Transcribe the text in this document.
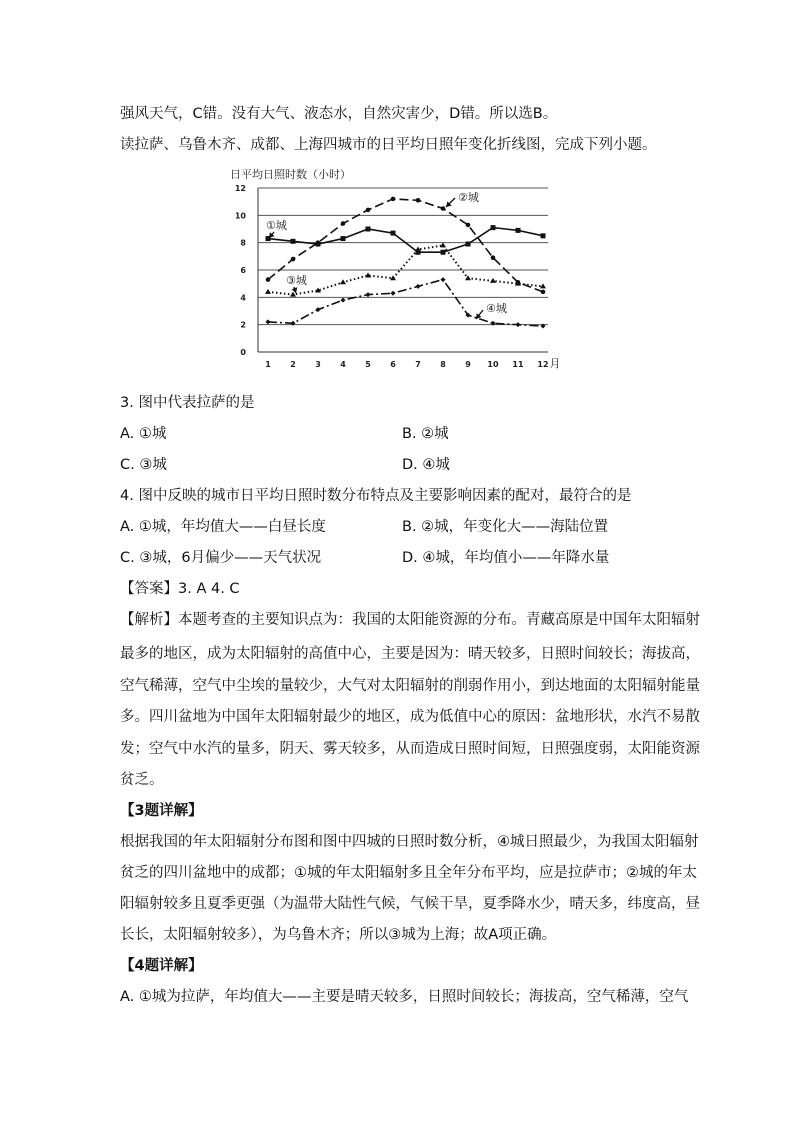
强风天气，C错。没有大气、液态水，自然灾害少，D错。所以选B。
读拉萨、乌鲁木齐、成都、上海四城市的日平均日照年变化折线图，完成下列小题。
日平均日照时数（小时）
0
2
4
6
8
10
12
1 2 3 4 5 6 7 8 9 10 11 12 月
①城
②城
③城
④城
3. 图中代表拉萨的是
A. ①城	B. ②城
C. ③城	D. ④城
4. 图中反映的城市日平均日照时数分布特点及主要影响因素的配对，最符合的是
A. ①城，年均值大——白昼长度	B. ②城，年变化大——海陆位置
C. ③城，6月偏少——天气状况	D. ④城，年均值小——年降水量
【答案】3. A 4. C
【解析】本题考查的主要知识点为：我国的太阳能资源的分布。青藏高原是中国年太阳辐射
最多的地区，成为太阳辐射的高值中心，主要是因为：晴天较多，日照时间较长；海拔高，
空气稀薄，空气中尘埃的量较少，大气对太阳辐射的削弱作用小，到达地面的太阳辐射能量
多。四川盆地为中国年太阳辐射最少的地区，成为低值中心的原因：盆地形状，水汽不易散
发；空气中水汽的量多，阴天、雾天较多，从而造成日照时间短，日照强度弱，太阳能资源
贫乏。
【3题详解】
根据我国的年太阳辐射分布图和图中四城的日照时数分析，④城日照最少，为我国太阳辐射
贫乏的四川盆地中的成都；①城的年太阳辐射多且全年分布平均，应是拉萨市；②城的年太
阳辐射较多且夏季更强（为温带大陆性气候，气候干旱，夏季降水少，晴天多，纬度高，昼
长长，太阳辐射较多），为乌鲁木齐；所以③城为上海；故A项正确。
【4题详解】
A. ①城为拉萨，年均值大——主要是晴天较多，日照时间较长；海拔高，空气稀薄，空气
